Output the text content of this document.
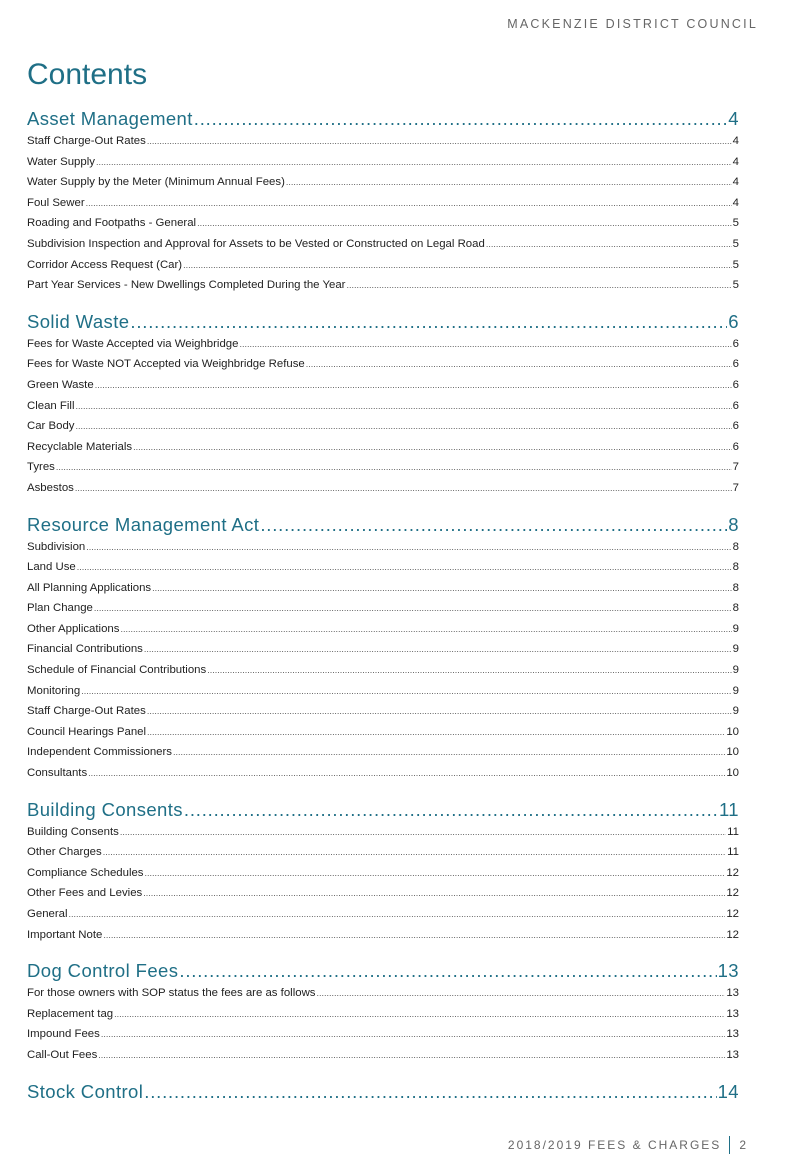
MACKENZIE DISTRICT COUNCIL
Contents
Asset Management .....	4
Staff Charge-Out Rates .....	4
Water Supply .....	4
Water Supply by the Meter (Minimum Annual Fees) .....	4
Foul Sewer .....	4
Roading and Footpaths - General .....	5
Subdivision Inspection and Approval for Assets to be Vested or Constructed on Legal Road .....	5
Corridor Access Request (Car) .....	5
Part Year Services - New Dwellings Completed During the Year .....	5
Solid Waste .....	6
Fees for Waste Accepted via Weighbridge .....	6
Fees for Waste NOT Accepted via Weighbridge Refuse .....	6
Green Waste .....	6
Clean Fill .....	6
Car Body .....	6
Recyclable Materials .....	6
Tyres .....	7
Asbestos .....	7
Resource Management Act .....	8
Subdivision .....	8
Land Use .....	8
All Planning Applications .....	8
Plan Change .....	8
Other Applications .....	9
Financial Contributions .....	9
Schedule of Financial Contributions .....	9
Monitoring .....	9
Staff Charge-Out Rates .....	9
Council Hearings Panel .....	10
Independent Commissioners .....	10
Consultants .....	10
Building Consents .....	11
Building Consents .....	11
Other Charges .....	11
Compliance Schedules .....	12
Other Fees and Levies .....	12
General .....	12
Important Note .....	12
Dog Control Fees .....	13
For those owners with SOP status the fees are as follows .....	13
Replacement tag .....	13
Impound Fees .....	13
Call-Out Fees .....	13
Stock Control .....	14
2018/2019 FEES & CHARGES 2
